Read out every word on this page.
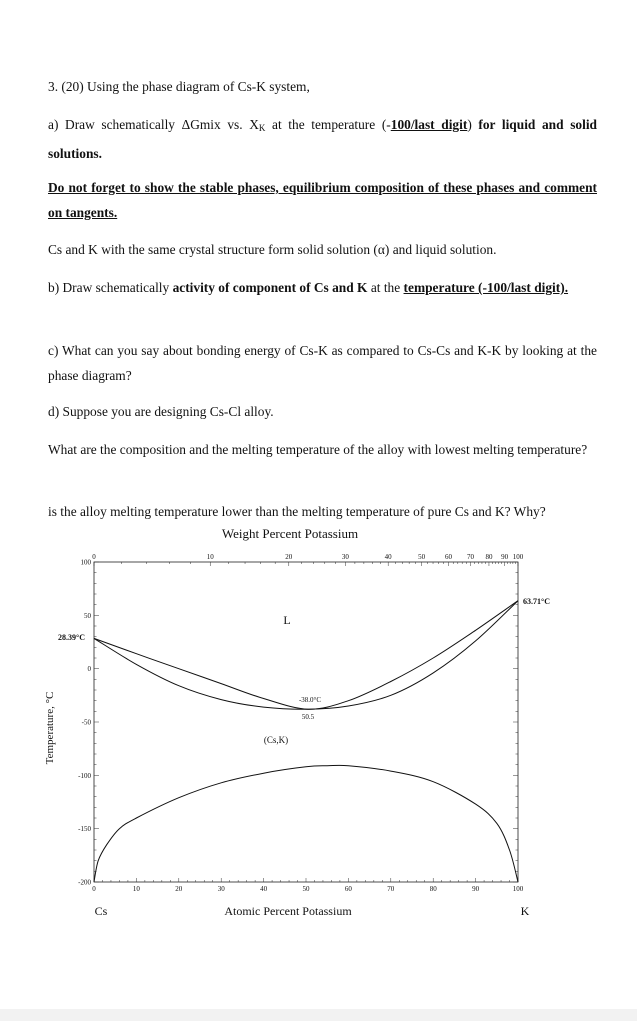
3. (20) Using the phase diagram of Cs-K system,
a) Draw schematically ΔGmix vs. $X_K$ at the temperature (-100/last digit) for liquid and solid solutions.
Do not forget to show the stable phases, equilibrium composition of these phases and comment on tangents.
Cs and K with the same crystal structure form solid solution (α) and liquid solution.
b) Draw schematically activity of component of Cs and K at the temperature (-100/last digit).
c) What can you say about bonding energy of Cs-K as compared to Cs-Cs and K-K by looking at the phase diagram?
d) Suppose you are designing Cs-Cl alloy.
What are the composition and the melting temperature of the alloy with lowest melting temperature?
is the alloy melting temperature lower than the melting temperature of pure Cs and K? Why?
Weight Percent Potassium
0	10	20	30	40	50	60 70 80 90 100
0	10	20	30	40	50	60	70	80	90	100
100
50
0
-50
-100
-150
-200
Temperature, °C
Atomic Percent Potassium
Cs	K
L
(Cs,K)
28.39°C
63.71°C
-38.0°C
50.5
